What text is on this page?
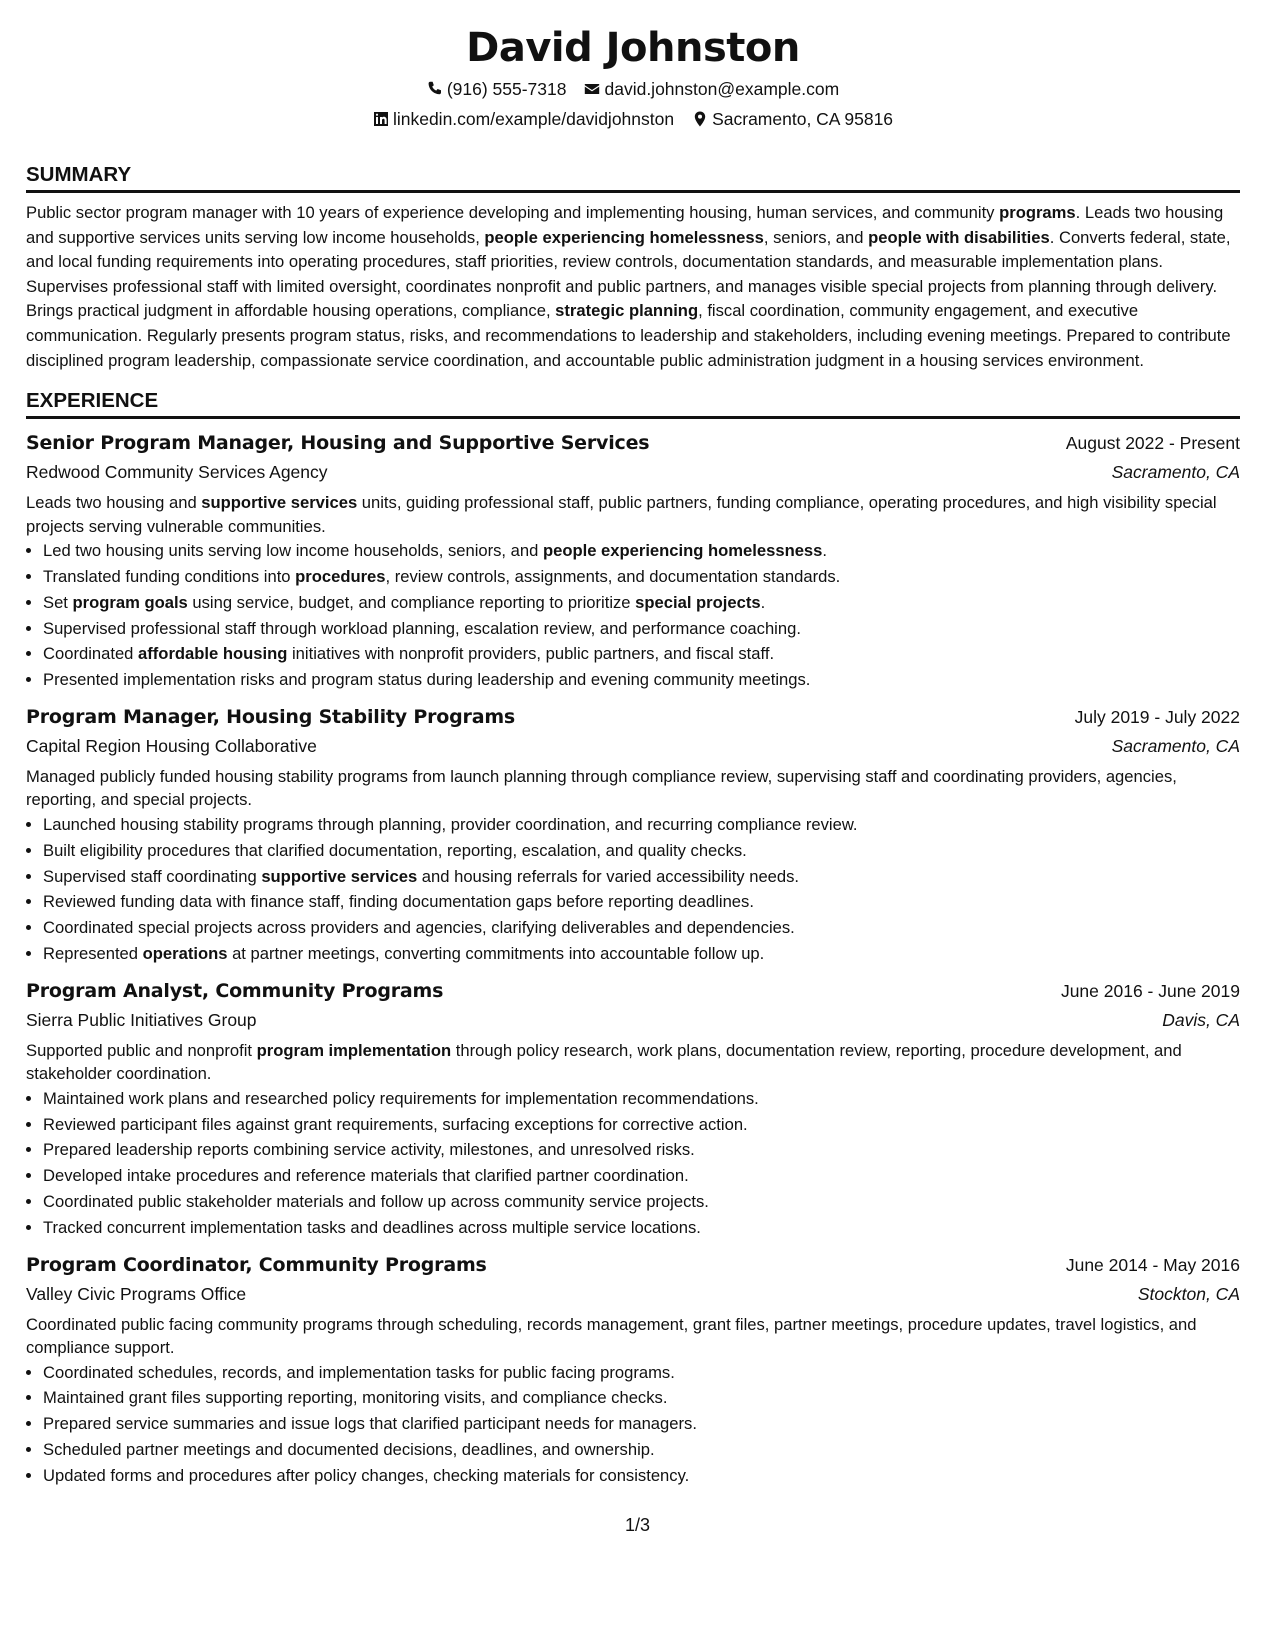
David Johnston
(916) 555-7318 david.johnston@example.com
linkedin.com/example/davidjohnston Sacramento, CA 95816
SUMMARY

Public sector program manager with 10 years of experience developing and implementing housing, human services, and community programs. Leads two housing and supportive services units serving low income households, people experiencing homelessness, seniors, and people with disabilities. Converts federal, state, and local funding requirements into operating procedures, staff priorities, review controls, documentation standards, and measurable implementation plans. Supervises professional staff with limited oversight, coordinates nonprofit and public partners, and manages visible special projects from planning through delivery. Brings practical judgment in affordable housing operations, compliance, strategic planning, fiscal coordination, community engagement, and executive communication. Regularly presents program status, risks, and recommendations to leadership and stakeholders, including evening meetings. Prepared to contribute disciplined program leadership, compassionate service coordination, and accountable public administration judgment in a housing services environment.

EXPERIENCE
Senior Program Manager, Housing and Supportive Services	August 2022 - Present
Redwood Community Services Agency	Sacramento, CA

Leads two housing and supportive services units, guiding professional staff, public partners, funding compliance, operating procedures, and high visibility special projects serving vulnerable communities.

• Led two housing units serving low income households, seniors, and people experiencing homelessness.
• Translated funding conditions into procedures, review controls, assignments, and documentation standards.
• Set program goals using service, budget, and compliance reporting to prioritize special projects.
• Supervised professional staff through workload planning, escalation review, and performance coaching.
• Coordinated affordable housing initiatives with nonprofit providers, public partners, and fiscal staff.
• Presented implementation risks and program status during leadership and evening community meetings.
Program Manager, Housing Stability Programs	July 2019 - July 2022
Capital Region Housing Collaborative	Sacramento, CA

Managed publicly funded housing stability programs from launch planning through compliance review, supervising staff and coordinating providers, agencies, reporting, and special projects.

• Launched housing stability programs through planning, provider coordination, and recurring compliance review.
• Built eligibility procedures that clarified documentation, reporting, escalation, and quality checks.
• Supervised staff coordinating supportive services and housing referrals for varied accessibility needs.
• Reviewed funding data with finance staff, finding documentation gaps before reporting deadlines.
• Coordinated special projects across providers and agencies, clarifying deliverables and dependencies.
• Represented operations at partner meetings, converting commitments into accountable follow up.
Program Analyst, Community Programs	June 2016 - June 2019
Sierra Public Initiatives Group	Davis, CA

Supported public and nonprofit program implementation through policy research, work plans, documentation review, reporting, procedure development, and stakeholder coordination.

• Maintained work plans and researched policy requirements for implementation recommendations.
• Reviewed participant files against grant requirements, surfacing exceptions for corrective action.
• Prepared leadership reports combining service activity, milestones, and unresolved risks.
• Developed intake procedures and reference materials that clarified partner coordination.
• Coordinated public stakeholder materials and follow up across community service projects.
• Tracked concurrent implementation tasks and deadlines across multiple service locations.
Program Coordinator, Community Programs	June 2014 - May 2016
Valley Civic Programs Office	Stockton, CA

Coordinated public facing community programs through scheduling, records management, grant files, partner meetings, procedure updates, travel logistics, and compliance support.

• Coordinated schedules, records, and implementation tasks for public facing programs.
• Maintained grant files supporting reporting, monitoring visits, and compliance checks.
• Prepared service summaries and issue logs that clarified participant needs for managers.
• Scheduled partner meetings and documented decisions, deadlines, and ownership.
• Updated forms and procedures after policy changes, checking materials for consistency.
1/3
